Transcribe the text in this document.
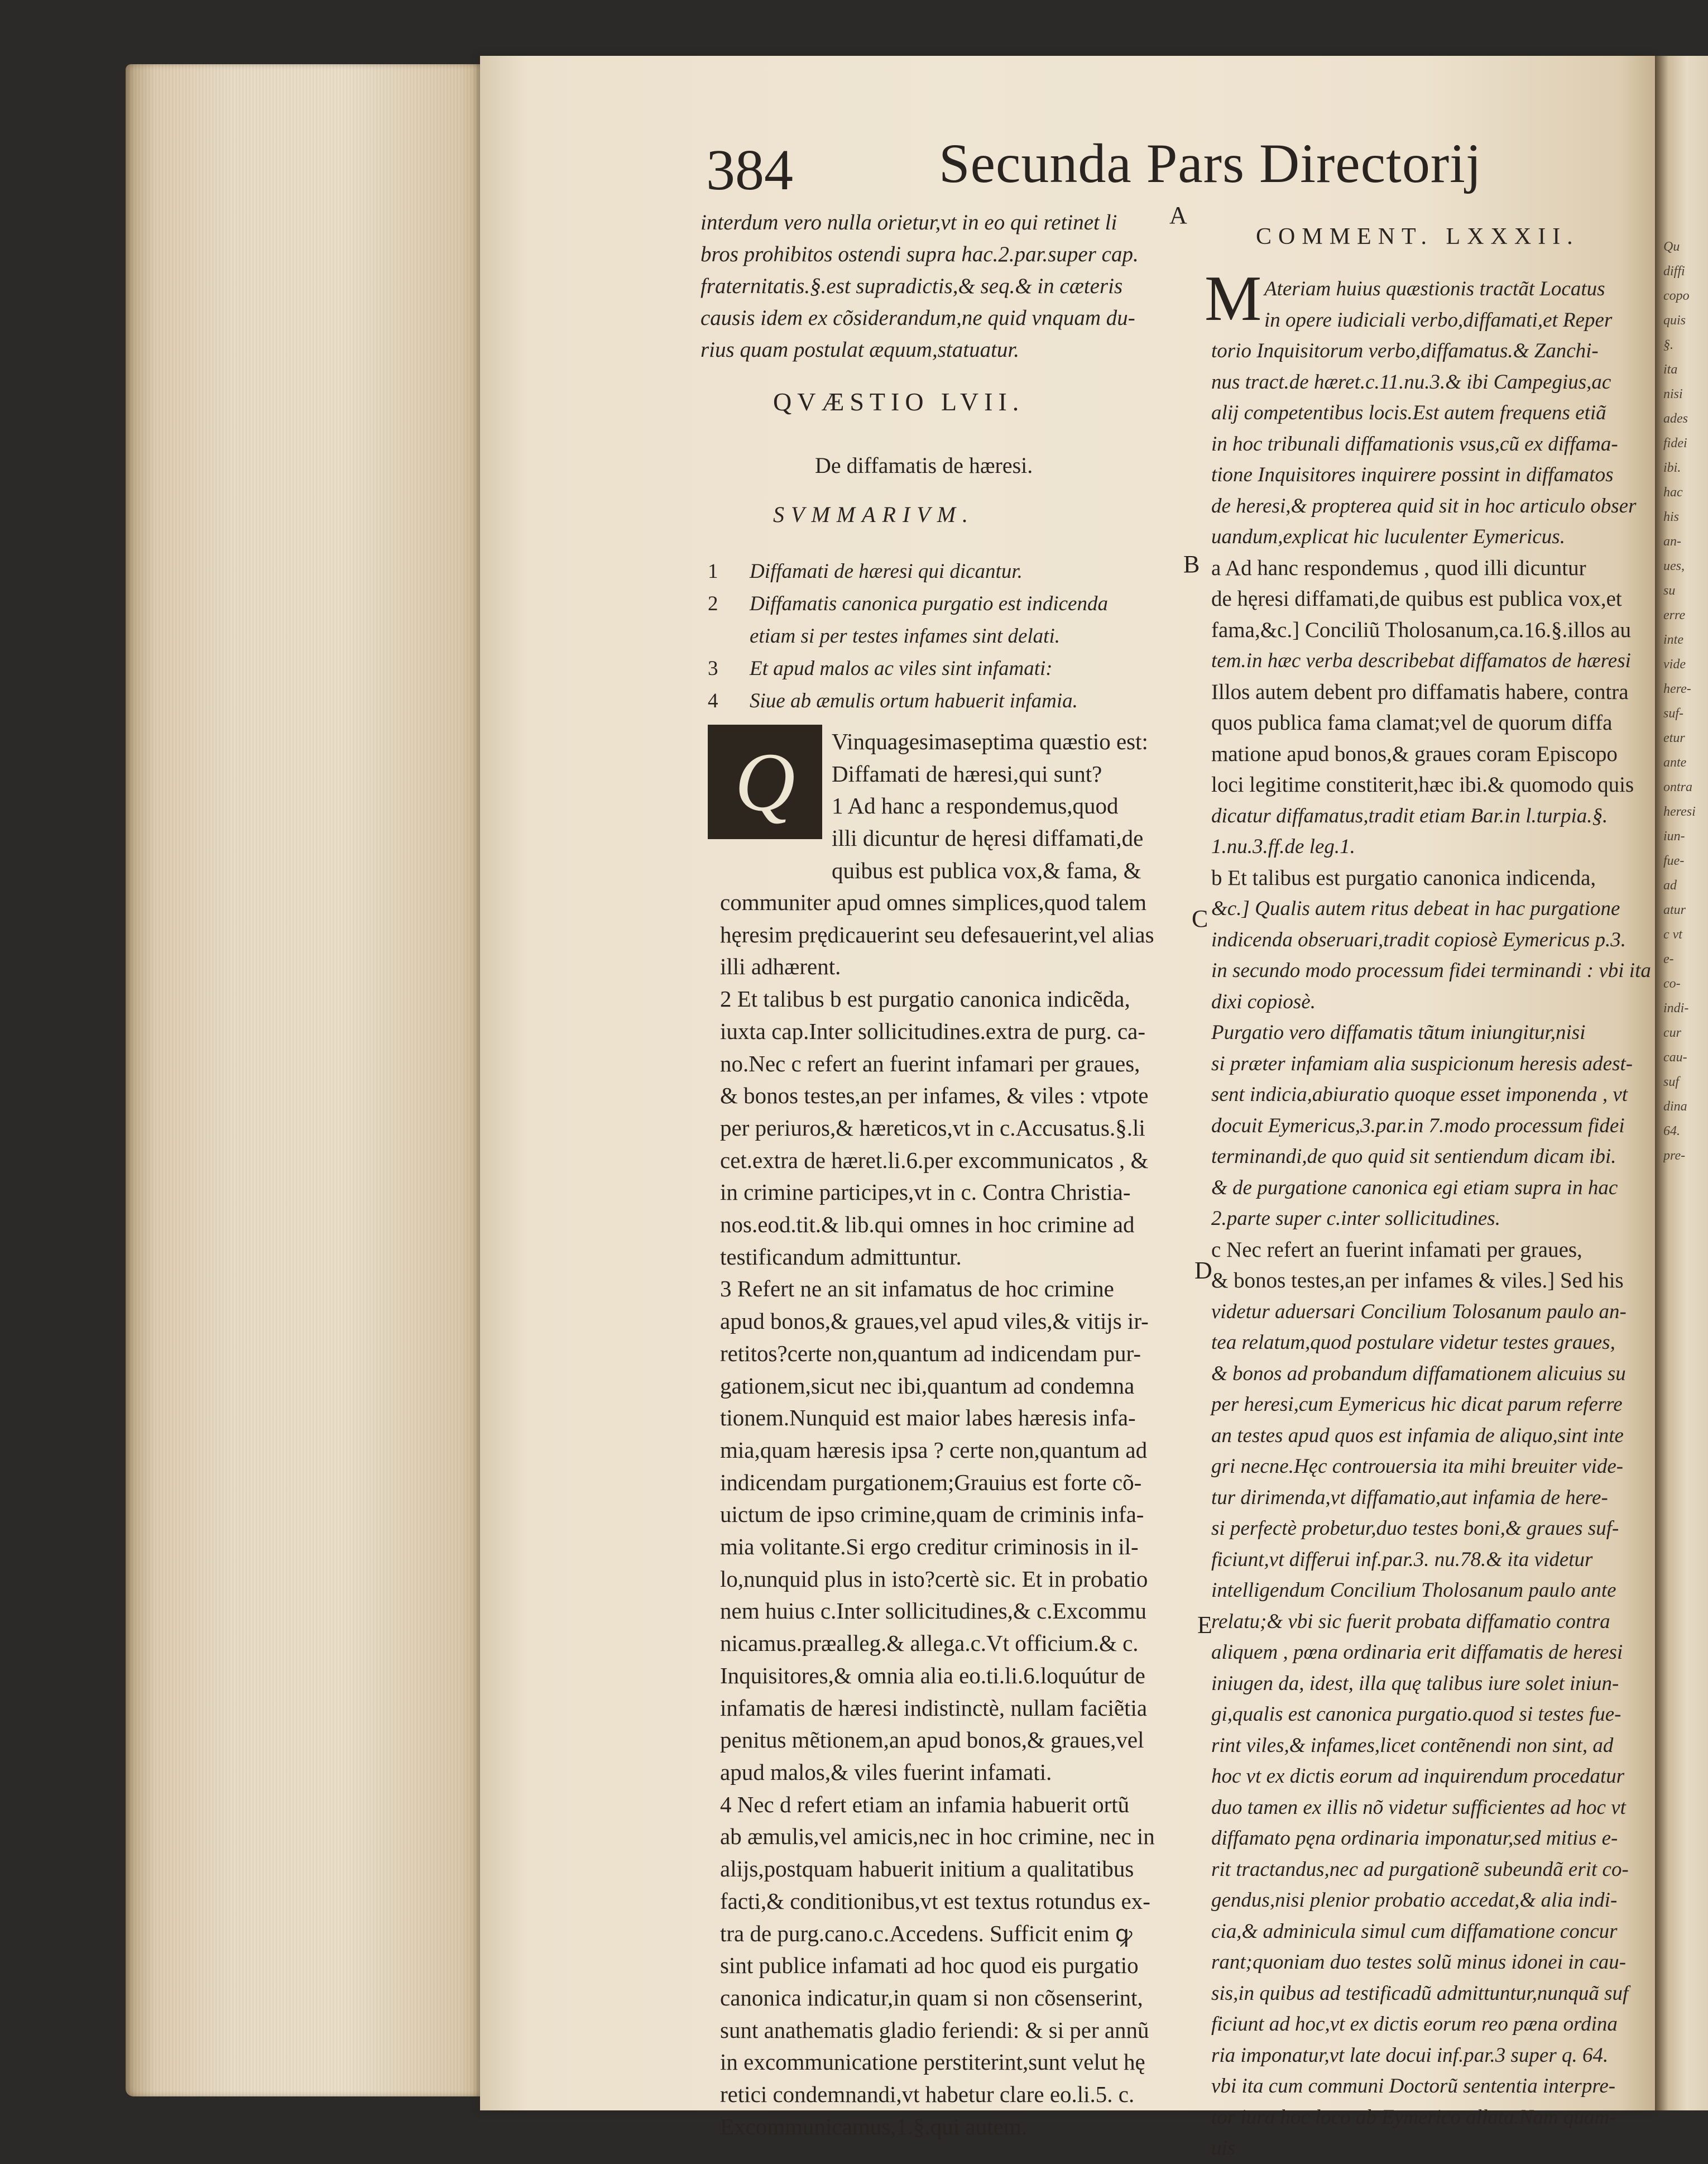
384	Secunda Pars Directorij
interdum vero nulla orietur,vt in eo qui retinet li
bros prohibitos ostendi supra hac.2.par.super cap.
fraternitatis.§.est supradictis,& seq.& in cæteris
causis idem ex cõsiderandum,ne quid vnquam du-
rius quam postulat æquum,statuatur.
QVÆSTIO LVII.
De diffamatis de hæresi.
SVMMARIVM.
1 Diffamati de hæresi qui dicantur.
2 Diffamatis canonica purgatio est indicenda
etiam si per testes infames sint delati.
3 Et apud malos ac viles sint infamati:
4 Siue ab æmulis ortum habuerit infamia.
Q	Vinquagesimaseptima quæstio est:
Diffamati de hæresi,qui sunt?
1 Ad hanc a respondemus,quod
illi dicuntur de hęresi diffamati,de
quibus est publica vox,& fama, &
communiter apud omnes simplices,quod talem
hęresim prędicauerint seu defesauerint,vel alias
illi adhærent.
2 Et talibus b est purgatio canonica indicẽda,
iuxta cap.Inter sollicitudines.extra de purg. ca-
no.Nec c refert an fuerint infamari per graues,
& bonos testes,an per infames, & viles : vtpote
per periuros,& hæreticos,vt in c.Accusatus.§.li
cet.extra de hæret.li.6.per excommunicatos , &
in crimine participes,vt in c. Contra Christia-
nos.eod.tit.& lib.qui omnes in hoc crimine ad
testificandum admittuntur.
3 Refert ne an sit infamatus de hoc crimine
apud bonos,& graues,vel apud viles,& vitijs ir-
retitos?certe non,quantum ad indicendam pur-
gationem,sicut nec ibi,quantum ad condemna
tionem.Nunquid est maior labes hæresis infa-
mia,quam hæresis ipsa ? certe non,quantum ad
indicendam purgationem;Grauius est forte cõ-
uictum de ipso crimine,quam de criminis infa-
mia volitante.Si ergo creditur criminosis in il-
lo,nunquid plus in isto?certè sic. Et in probatio
nem huius c.Inter sollicitudines,& c.Excommu
nicamus.præalleg.& allega.c.Vt officium.& c.
Inquisitores,& omnia alia eo.ti.li.6.loquútur de
infamatis de hæresi indistinctè, nullam faciẽtia
penitus mẽtionem,an apud bonos,& graues,vel
apud malos,& viles fuerint infamati.
4 Nec d refert etiam an infamia habuerit ortũ
ab æmulis,vel amicis,nec in hoc crimine, nec in
alijs,postquam habuerit initium a qualitatibus
facti,& conditionibus,vt est textus rotundus ex-
tra de purg.cano.c.Accedens. Sufficit enim ꝙ
sint publice infamati ad hoc quod eis purgatio
canonica indicatur,in quam si non cõsenserint,
sunt anathematis gladio feriendi: & si per annũ
in excommunicatione perstiterint,sunt velut hę
retici condemnandi,vt habetur clare eo.li.5. c.
Excommunicamus,1.§.qui autem.
A
B
C
D
E
COMMENT. LXXXII.
M Ateriam huius quæstionis tractãt Locatus
in opere iudiciali verbo,diffamati,et Reper
torio Inquisitorum verbo,diffamatus.& Zanchi-
nus tract.de hæret.c.11.nu.3.& ibi Campegius,ac
alij competentibus locis.Est autem frequens etiã
in hoc tribunali diffamationis vsus,cũ ex diffama-
tione Inquisitores inquirere possint in diffamatos
de heresi,& propterea quid sit in hoc articulo obser
uandum,explicat hic luculenter Eymericus.
a Ad hanc respondemus , quod illi dicuntur
de hęresi diffamati,de quibus est publica vox,et
fama,&c.] Conciliũ Tholosanum,ca.16.§.illos au
tem.in hæc verba describebat diffamatos de hæresi
Illos autem debent pro diffamatis habere, contra
quos publica fama clamat;vel de quorum diffa
matione apud bonos,& graues coram Episcopo
loci legitime constiterit,hæc ibi.& quomodo quis
dicatur diffamatus,tradit etiam Bar.in l.turpia.§.
1.nu.3.ff.de leg.1.
b Et talibus est purgatio canonica indicenda,
&c.] Qualis autem ritus debeat in hac purgatione
indicenda obseruari,tradit copiosè Eymericus p.3.
in secundo modo processum fidei terminandi : vbi ita
dixi copiosè.
Purgatio vero diffamatis tãtum iniungitur,nisi
si præter infamiam alia suspicionum heresis adest-
sent indicia,abiuratio quoque esset imponenda , vt
docuit Eymericus,3.par.in 7.modo processum fidei
terminandi,de quo quid sit sentiendum dicam ibi.
& de purgatione canonica egi etiam supra in hac
2.parte super c.inter sollicitudines.
c Nec refert an fuerint infamati per graues,
& bonos testes,an per infames & viles.] Sed his
videtur aduersari Concilium Tolosanum paulo an-
tea relatum,quod postulare videtur testes graues,
& bonos ad probandum diffamationem alicuius su
per heresi,cum Eymericus hic dicat parum referre
an testes apud quos est infamia de aliquo,sint inte
gri necne.Hęc controuersia ita mihi breuiter vide-
tur dirimenda,vt diffamatio,aut infamia de here-
si perfectè probetur,duo testes boni,& graues suf-
ficiunt,vt differui inf.par.3. nu.78.& ita videtur
intelligendum Concilium Tholosanum paulo ante
relatu;& vbi sic fuerit probata diffamatio contra
aliquem , pœna ordinaria erit diffamatis de heresi
iniugen da, idest, illa quę talibus iure solet iniun-
gi,qualis est canonica purgatio.quod si testes fue-
rint viles,& infames,licet contẽnendi non sint, ad
hoc vt ex dictis eorum ad inquirendum procedatur
duo tamen ex illis nõ videtur sufficientes ad hoc vt
diffamato pęna ordinaria imponatur,sed mitius e-
rit tractandus,nec ad purgationẽ subeundã erit co-
gendus,nisi plenior probatio accedat,& alia indi-
cia,& adminicula simul cum diffamatione concur
rant;quoniam duo testes solũ minus idonei in cau-
sis,in quibus ad testificadũ admittuntur,nunquã suf
ficiunt ad hoc,vt ex dictis eorum reo pæna ordina
ria imponatur,vt late docui inf.par.3 super q. 64.
vbi ita cum communi Doctorũ sententia interpre-
tor iura hoc loco ab Eymerico allata.Nam quam-
uis
Qu
diffi
copo
quis
§.
ita
nisi
ades
fidei
ibi.
hac
his
an-
ues,
su
erre
inte
vide
here-
suf-
etur
ante
ontra
heresi
iun-
fue-
ad
atur
c vt
e-
co-
indi-
cur
cau-
suf
dina
64.
pre-
